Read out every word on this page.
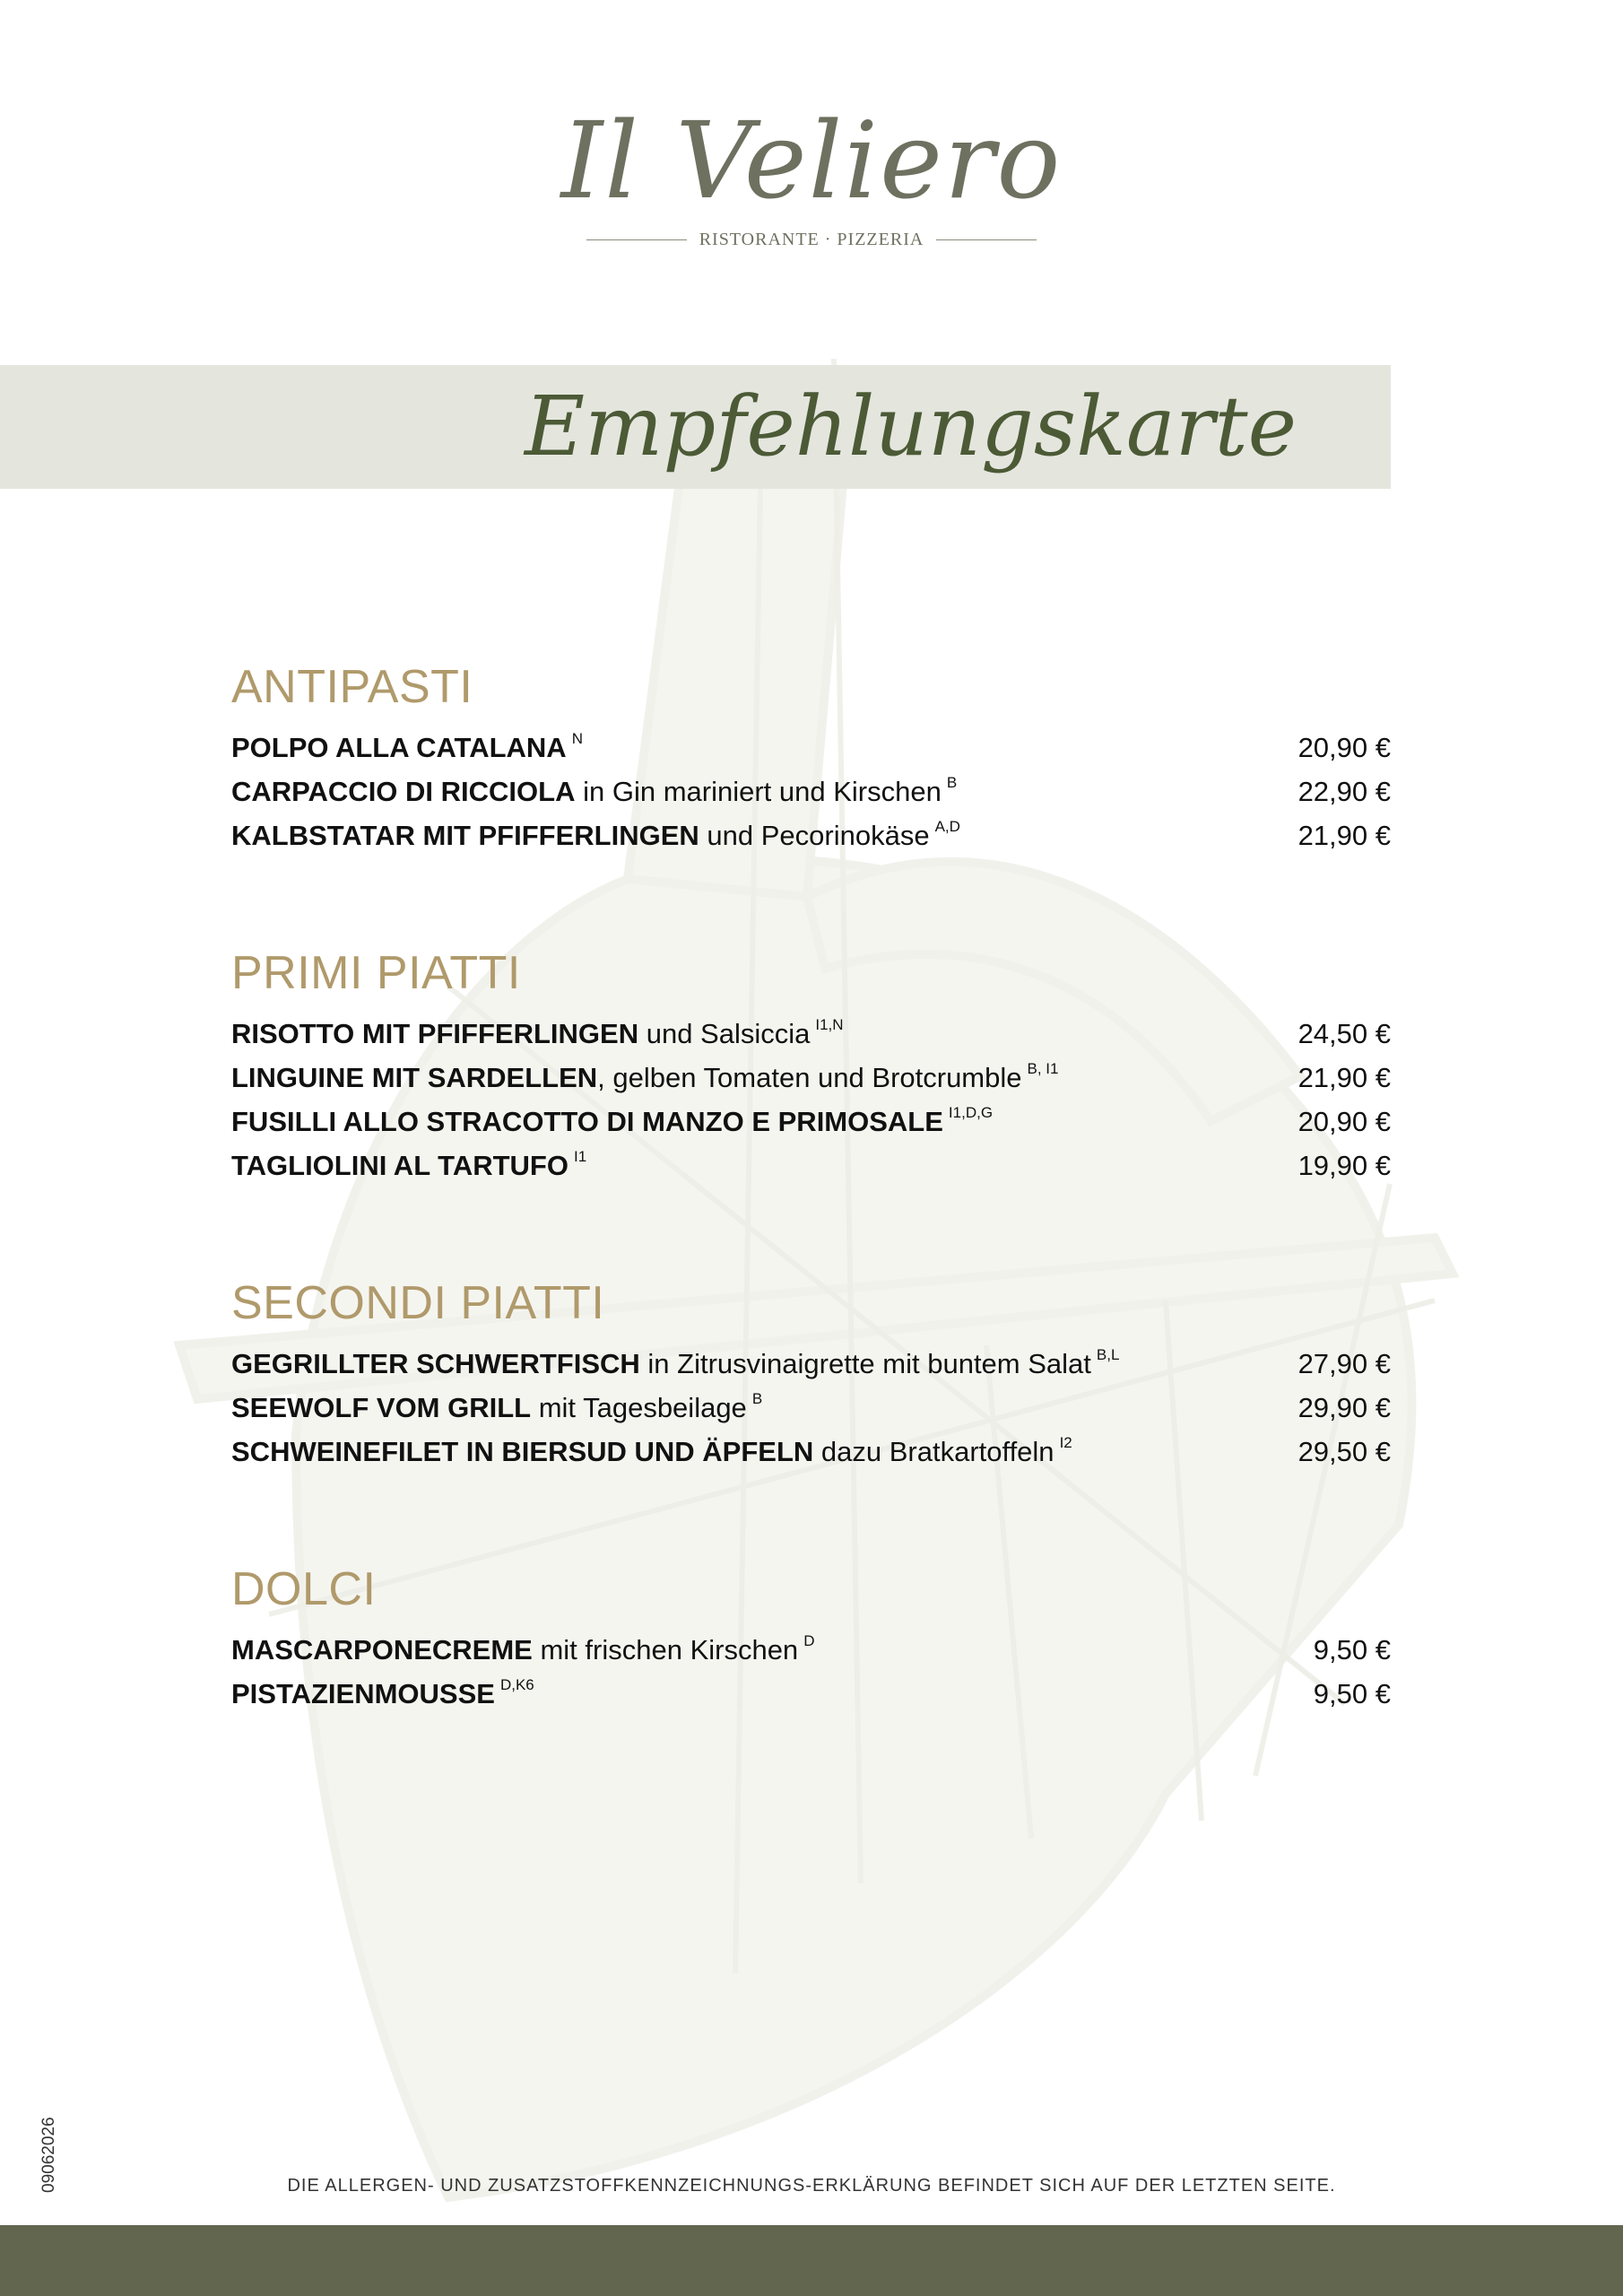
Il Veliero
RISTORANTE · PIZZERIA
Empfehlungskarte
ANTIPASTI
POLPO ALLA CATALANA $^N$	20,90 €
CARPACCIO DI RICCIOLA in Gin mariniert und Kirschen $^B$	22,90 €
KALBSTATAR MIT PFIFFERLINGEN und Pecorinokäse $^{A,D}$	21,90 €
PRIMI PIATTI
RISOTTO MIT PFIFFERLINGEN und Salsiccia $^{I1,N}$	24,50 €
LINGUINE MIT SARDELLEN, gelben Tomaten und Brotcrumble $^{B, I1}$	21,90 €
FUSILLI ALLO STRACOTTO DI MANZO E PRIMOSALE $^{I1,D,G}$	20,90 €
TAGLIOLINI AL TARTUFO $^{I1}$	19,90 €
SECONDI PIATTI
GEGRILLTER SCHWERTFISCH in Zitrusvinaigrette mit buntem Salat $^{B,L}$	27,90 €
SEEWOLF VOM GRILL mit Tagesbeilage $^B$	29,90 €
SCHWEINEFILET IN BIERSUD UND ÄPFELN dazu Bratkartoffeln $^{I2}$	29,50 €
DOLCI
MASCARPONECREME mit frischen Kirschen $^D$	9,50 €
PISTAZIENMOUSSE $^{D,K6}$	9,50 €
09062026	DIE ALLERGEN- UND ZUSATZSTOFFKENNZEICHNUNGS-ERKLÄRUNG BEFINDET SICH AUF DER LETZTEN SEITE.
